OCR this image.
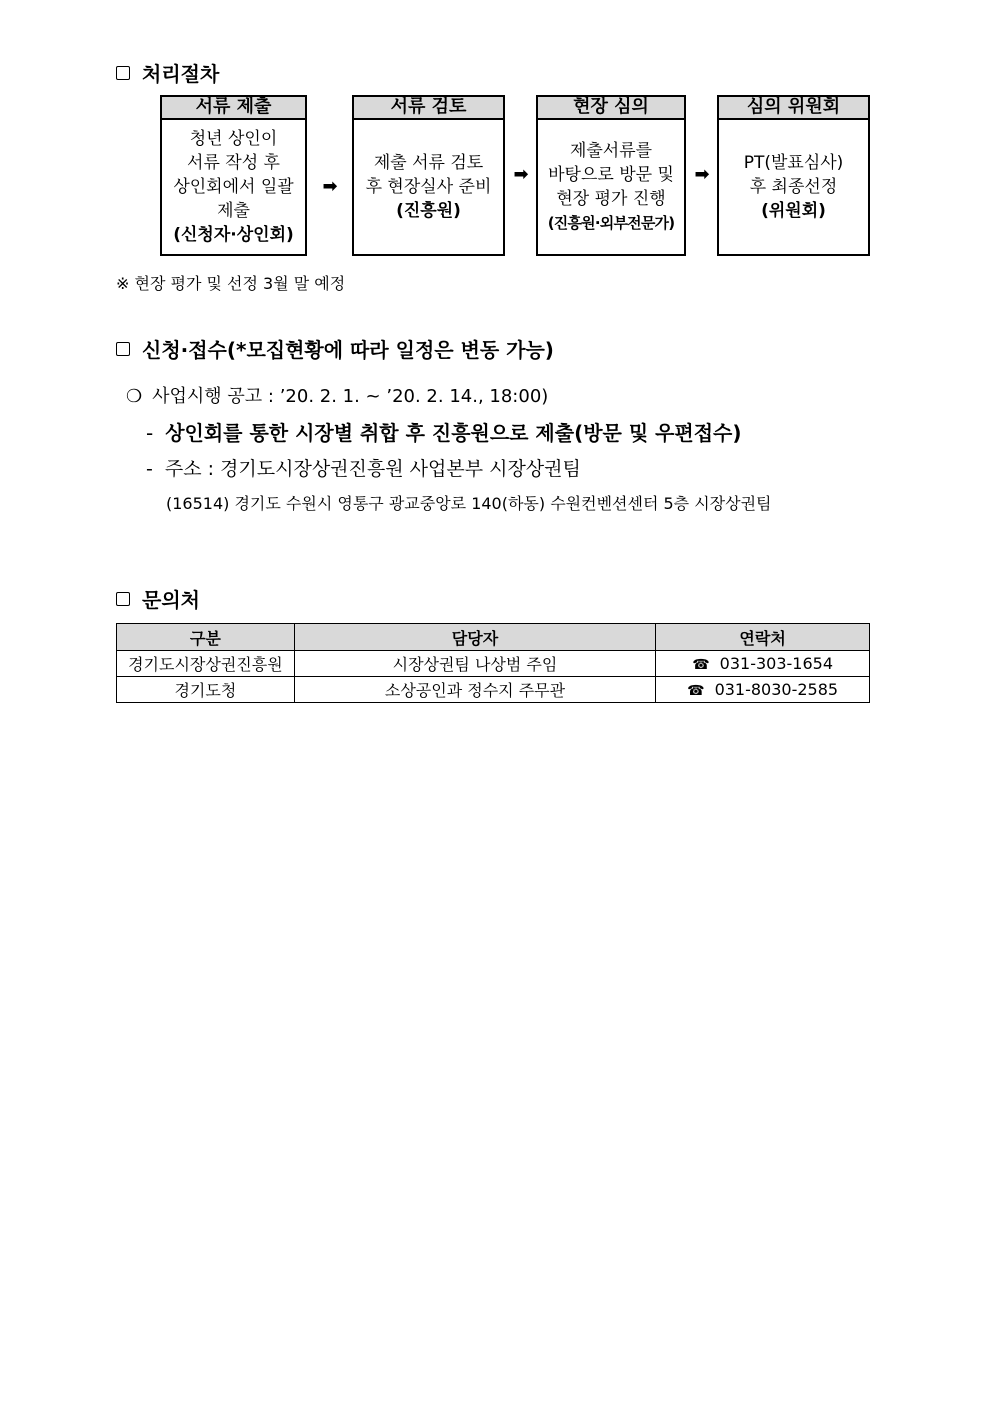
처리절차
서류 제출
청년 상인이
서류 작성 후
상인회에서 일괄
제출
(신청자·상인회)
➡
서류 검토
제출 서류 검토
후 현장실사 준비
(진흥원)
➡
현장 심의
제출서류를
바탕으로 방문 및
현장 평가 진행
(진흥원·외부전문가)
➡
심의 위원회
PT(발표심사)
후 최종선정
(위원회)
※ 현장 평가 및 선정 3월 말 예정
신청·접수(*모집현황에 따라 일정은 변동 가능)
❍ 사업시행 공고 : ’20. 2. 1. ~ ’20. 2. 14., 18:00)
- 상인회를 통한 시장별 취합 후 진흥원으로 제출(방문 및 우편접수)
- 주소 : 경기도시장상권진흥원 사업본부 시장상권팀
(16514) 경기도 수원시 영통구 광교중앙로 140(하동) 수원컨벤션센터 5층 시장상권팀
문의처
구분	담당자	연락처
경기도시장상권진흥원	시장상권팀 나상범 주임	☎ 031-303-1654
경기도청	소상공인과 정수지 주무관	☎ 031-8030-2585
